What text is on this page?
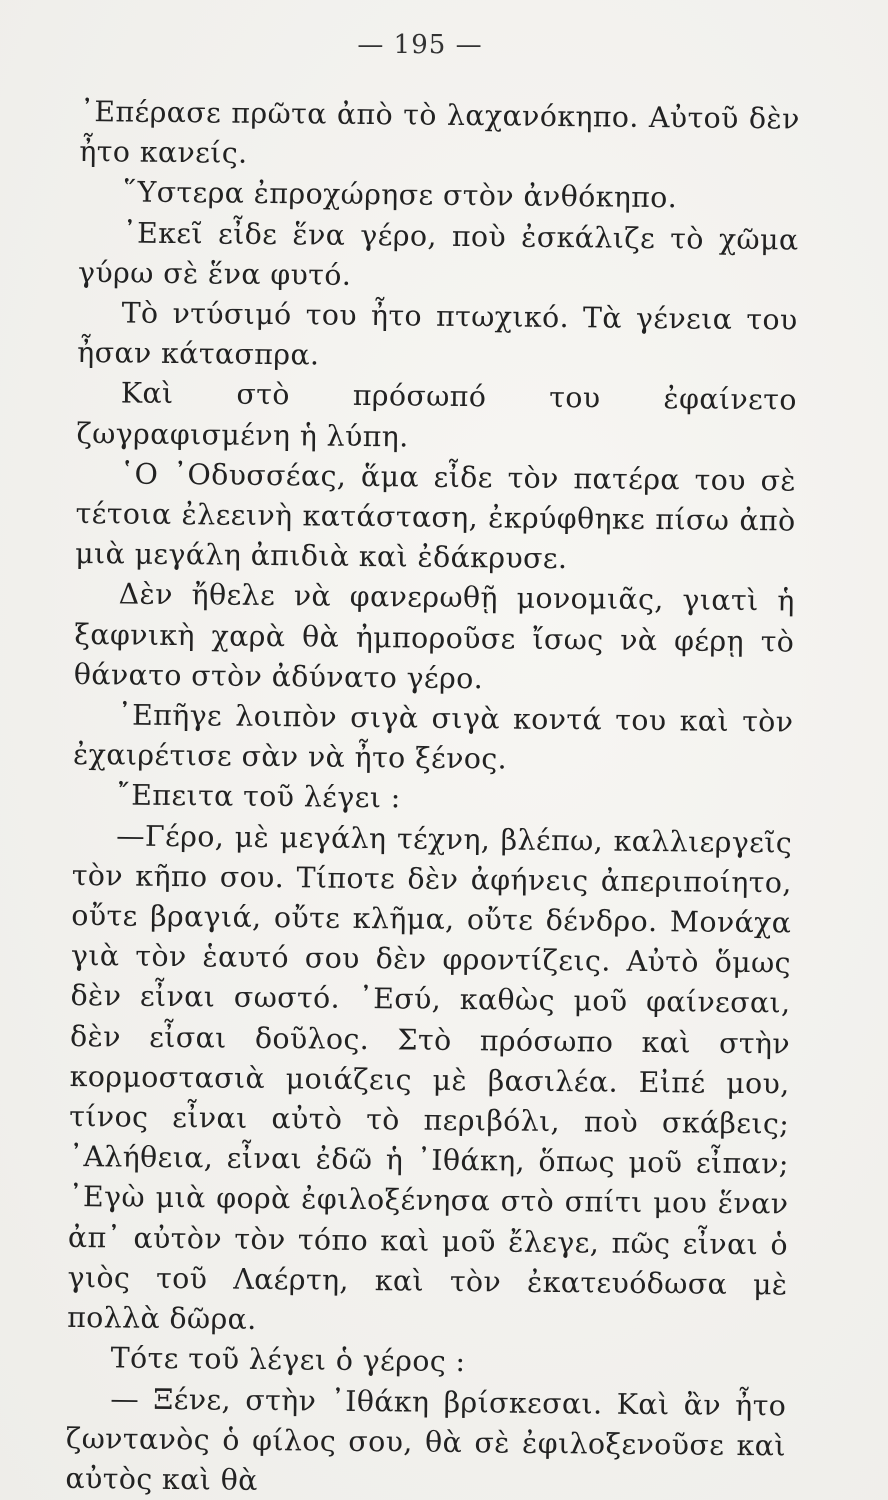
— 195 —

᾿Επέρασε πρῶτα ἀπὸ τὸ λαχανόκηπο. Αὐτοῦ δὲν ἦτο κανείς.

῞Υστερα ἐπροχώρησε στὸν ἀνθόκηπο.

᾿Εκεῖ εἶδε ἕνα γέρο, ποὺ ἐσκάλιζε τὸ χῶμα γύρω σὲ ἕνα φυτό.

Τὸ ντύσιμό του ἦτο πτωχικό. Τὰ γένεια του ἦσαν κάτασπρα.

Καὶ στὸ πρόσωπό του ἐφαίνετο ζωγραφισμένη ἡ λύπη.

῾Ο ᾿Οδυσσέας, ἅμα εἶδε τὸν πατέρα του σὲ τέτοια ἐλεεινὴ κατάσταση, ἐκρύφθηκε πίσω ἀπὸ μιὰ μεγάλη ἀπιδιὰ καὶ ἐδάκρυσε.

Δὲν ἤθελε νὰ φανερωθῇ μονομιᾶς, γιατὶ ἡ ξαφνικὴ χαρὰ θὰ ἠμποροῦσε ἴσως νὰ φέρῃ τὸ θάνατο στὸν ἀδύνατο γέρο.

᾿Επῆγε λοιπὸν σιγὰ σιγὰ κοντά του καὶ τὸν ἐχαιρέτισε σὰν νὰ ἦτο ξένος.

῎Επειτα τοῦ λέγει :

—Γέρο, μὲ μεγάλη τέχνη, βλέπω, καλλιεργεῖς τὸν κῆπο σου. Τίποτε δὲν ἀφήνεις ἀπεριποίητο, οὔτε βραγιά, οὔτε κλῆμα, οὔτε δένδρο. Μονάχα γιὰ τὸν ἑαυτό σου δὲν φροντίζεις. Αὐτὸ ὅμως δὲν εἶναι σωστό. ᾿Εσύ, καθὼς μοῦ φαίνεσαι, δὲν εἶσαι δοῦλος. Στὸ πρόσωπο καὶ στὴν κορμοστασιὰ μοιάζεις μὲ βασιλέα. Εἰπέ μου, τίνος εἶναι αὐτὸ τὸ περιβόλι, ποὺ σκάβεις; ᾿Αλήθεια, εἶναι ἐδῶ ἡ ᾿Ιθάκη, ὅπως μοῦ εἶπαν; ᾿Εγὼ μιὰ φορὰ ἐφιλοξένησα στὸ σπίτι μου ἕναν ἀπ᾿ αὐτὸν τὸν τόπο καὶ μοῦ ἔλεγε, πῶς εἶναι ὁ γιὸς τοῦ Λαέρτη, καὶ τὸν ἐκατευόδωσα μὲ πολλὰ δῶρα.

Τότε τοῦ λέγει ὁ γέρος :

— Ξένε, στὴν ᾿Ιθάκη βρίσκεσαι. Καὶ ἂν ἦτο ζωντανὸς ὁ φίλος σου, θὰ σὲ ἐφιλοξενοῦσε καὶ αὐτὸς καὶ θὰ
